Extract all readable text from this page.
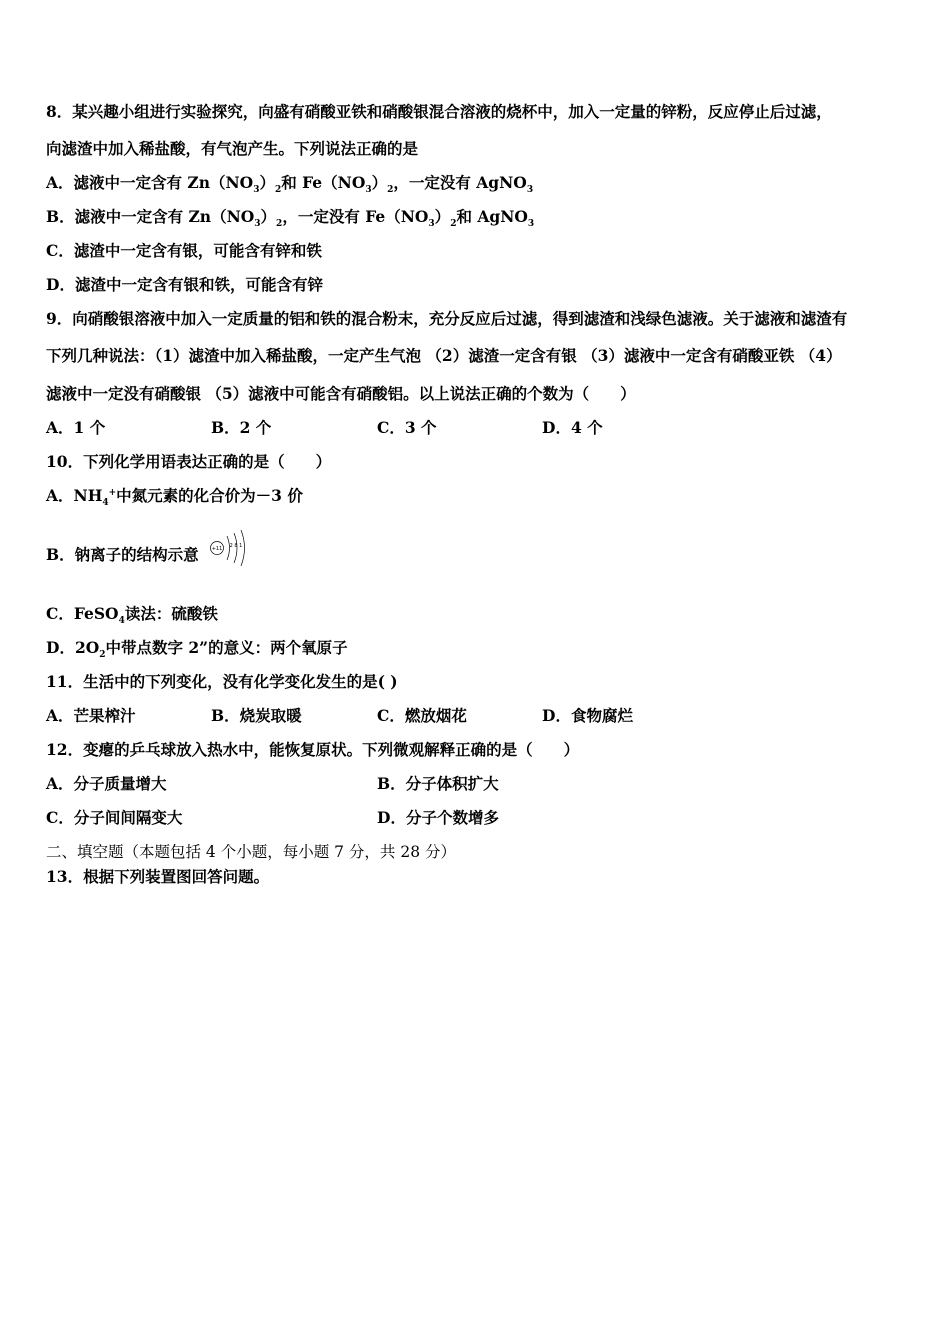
8．某兴趣小组进行实验探究，向盛有硝酸亚铁和硝酸银混合溶液的烧杯中，加入一定量的锌粉，反应停止后过滤，
向滤渣中加入稀盐酸，有气泡产生。下列说法正确的是
A．滤液中一定含有 $Zn(NO_3)_2$和 $Fe(NO_3)_2$，一定没有 AgNO$_3$
B．滤液中一定含有 $Zn(NO_3)_2$，一定没有 $Fe(NO_3)_2$和 AgNO$_3$
C．滤渣中一定含有银，可能含有锌和铁
D．滤渣中一定含有银和铁，可能含有锌
9．向硝酸银溶液中加入一定质量的铝和铁的混合粉末，充分反应后过滤，得到滤渣和浅绿色滤液。关于滤液和滤渣有
下列几种说法：（1）滤渣中加入稀盐酸，一定产生气泡 （2）滤渣一定含有银 （3）滤液中一定含有硝酸亚铁 （4）
滤液中一定没有硝酸银 （5）滤液中可能含有硝酸铝。以上说法正确的个数为（　　）
A．1 个	B．2 个	C．3 个	D．4 个
10．下列化学用语表达正确的是（　　）
A．$NH_4^+$中氮元素的化合价为－3 价
B．钠离子的结构示意	+11 2 8 1
C．FeSO$_4$读法：硫酸铁
D．$2O_2$中带点数字 2”的意义：两个氧原子
11．生活中的下列变化，没有化学变化发生的是( )
A．芒果榨汁	B．烧炭取暖	C．燃放烟花	D．食物腐烂
12．变瘪的乒乓球放入热水中，能恢复原状。下列微观解释正确的是（　　）
A．分子质量增大	B．分子体积扩大
C．分子间间隔变大	D．分子个数增多
二、填空题（本题包括 4 个小题，每小题 7 分，共 28 分）
13．根据下列装置图回答问题。
